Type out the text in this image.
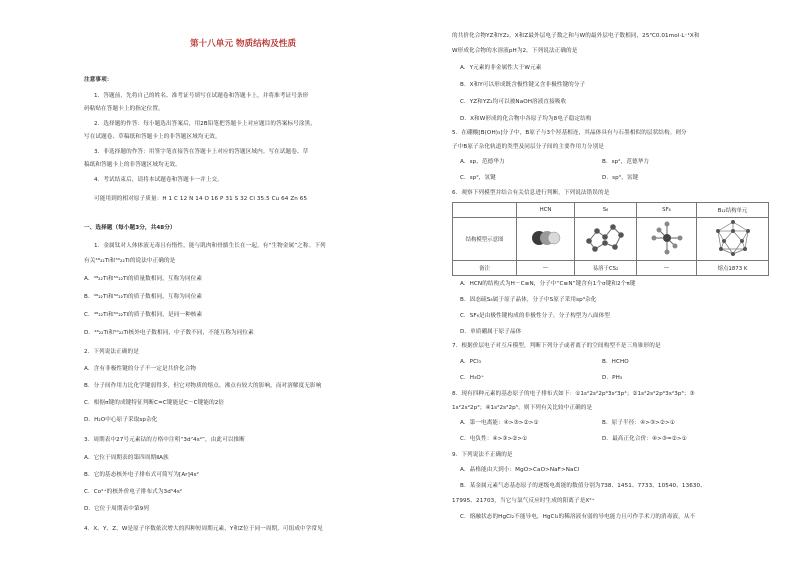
第十八单元 物质结构及性质
注意事项：
1．答题前，先将自己的姓名、准考证号填写在试题卷和答题卡上，并将准考证号条形
码粘贴在答题卡上的指定位置。
2．选择题的作答：每小题选出答案后，用2B铅笔把答题卡上对应题目的答案标号涂黑，
写在试题卷、草稿纸和答题卡上的非答题区域均无效。
3．非选择题的作答：用签字笔直接答在答题卡上对应的答题区域内。写在试题卷、草
稿纸和答题卡上的非答题区域均无效。
4．考试结束后，请将本试题卷和答题卡一并上交。
可能用到的相对原子质量：H 1 C 12 N 14 O 16 P 31 S 32 Cl 35.5 Cu 64 Zn 65
一、选择题（每小题3分，共48分）
1．金属钛对人体体液无毒且有惰性，能与肌肉和骨骼生长在一起，有“生物金属”之称。下列
有关⁴⁸₂₂Ti和⁵⁰₂₂Ti的说法中正确的是
A．⁴⁸₂₂Ti和⁵⁰₂₂Ti的质量数相同，互称为同位素
B．⁴⁸₂₂Ti和⁵⁰₂₂Ti的质子数相同，互称为同位素
C．⁴⁸₂₂Ti和⁵⁰₂₂Ti的质子数相同，是同一种核素
D．⁴⁸₂₂Ti和⁵⁰₂₂Ti核外电子数相同，中子数不同，不能互称为同位素
2．下列说法正确的是
A．含有非极性键的分子不一定是共价化合物
B．分子间作用力比化学键弱得多，但它对物质的熔点、沸点有较大的影响，而对溶解度无影响
C．根据π键的成键特征判断C=C键能是C－C键能的2倍
D．H₂O中心原子采取sp杂化
3．周期表中27号元素钴的方格中注明“3d⁷4s²”，由此可以推断
A．它位于周期表的第四周期ⅡA族
B．它的基态核外电子排布式可简写为[Ar]4s²
C．Co²⁺的核外价电子排布式为3d⁵4s²
D．它位于周期表中第9列
4．X、Y、Z、W是原子序数依次增大的四种短周期元素，Y和Z位于同一周期，可组成中学常见
的共价化合物YZ和YZ₂，X和Z最外层电子数之和与W的最外层电子数相同，25℃0.01mol·L⁻¹X和
W形成化合物的水溶液pH为2。下列说法正确的是
A．Y元素的非金属性大于W元素
B．X和Y可以形成既含极性键又含非极性键的分子
C．YZ和YZ₂均可以被NaOH溶液直接吸收
D．X和W形成的化合物中各原子均为8电子稳定结构
5．在硼酸[B(OH)₃]分子中，B原子与3个羟基相连，其晶体具有与石墨相似的层状结构。则分
子中B原子杂化轨道的类型及同层分子间的主要作用力分别是
A．sp，范德华力	B．sp²，范德华力
C．sp²，氢键	D．sp³，氢键
6．观察下列模型并结合有关信息进行判断，下列说法错误的是
	HCN	S₈	SF₆	B₁₂结构单元
结构模型示意图				
备注	—	易溶于CS₂	—	熔点1873 K
A．HCN的结构式为H－C≡N，分子中“C≡N”键含有1个σ键和2个π键
B．固态硫S₈属于原子晶体，分子中S原子采用sp³杂化
C．SF₆是由极性键构成的非极性分子，分子构型为八面体型
D．单质硼属于原子晶体
7．根据价层电子对互斥模型，判断下列分子或者离子的空间构型不是三角锥形的是
A．PCl₃	B．HCHO
C．H₃O⁺	D．PH₃
8．现有四种元素的基态原子的电子排布式如下：①1s²2s²2p⁶3s²3p⁴；②1s²2s²2p⁶3s²3p³；③
1s²2s²2p³；④1s²2s²2p⁵。则下列有关比较中正确的是
A．第一电离能：④>③>②>①	B．原子半径：④>③>②>①
C．电负性：④>③>②>①	D．最高正化合价：④>③=②>①
9．下列说法不正确的是
A．晶格能由大到小：MgO>CaO>NaF>NaCl
B．某金属元素气态基态原子的逐级电离能的数值分别为738、1451、7733、10540、13630、
17995、21703，当它与氯气反应时生成的阳离子是X²⁺
C．熔融状态的HgCl₂不能导电，HgCl₂的稀溶液有弱的导电能力且可作手术刀的消毒液，从不
